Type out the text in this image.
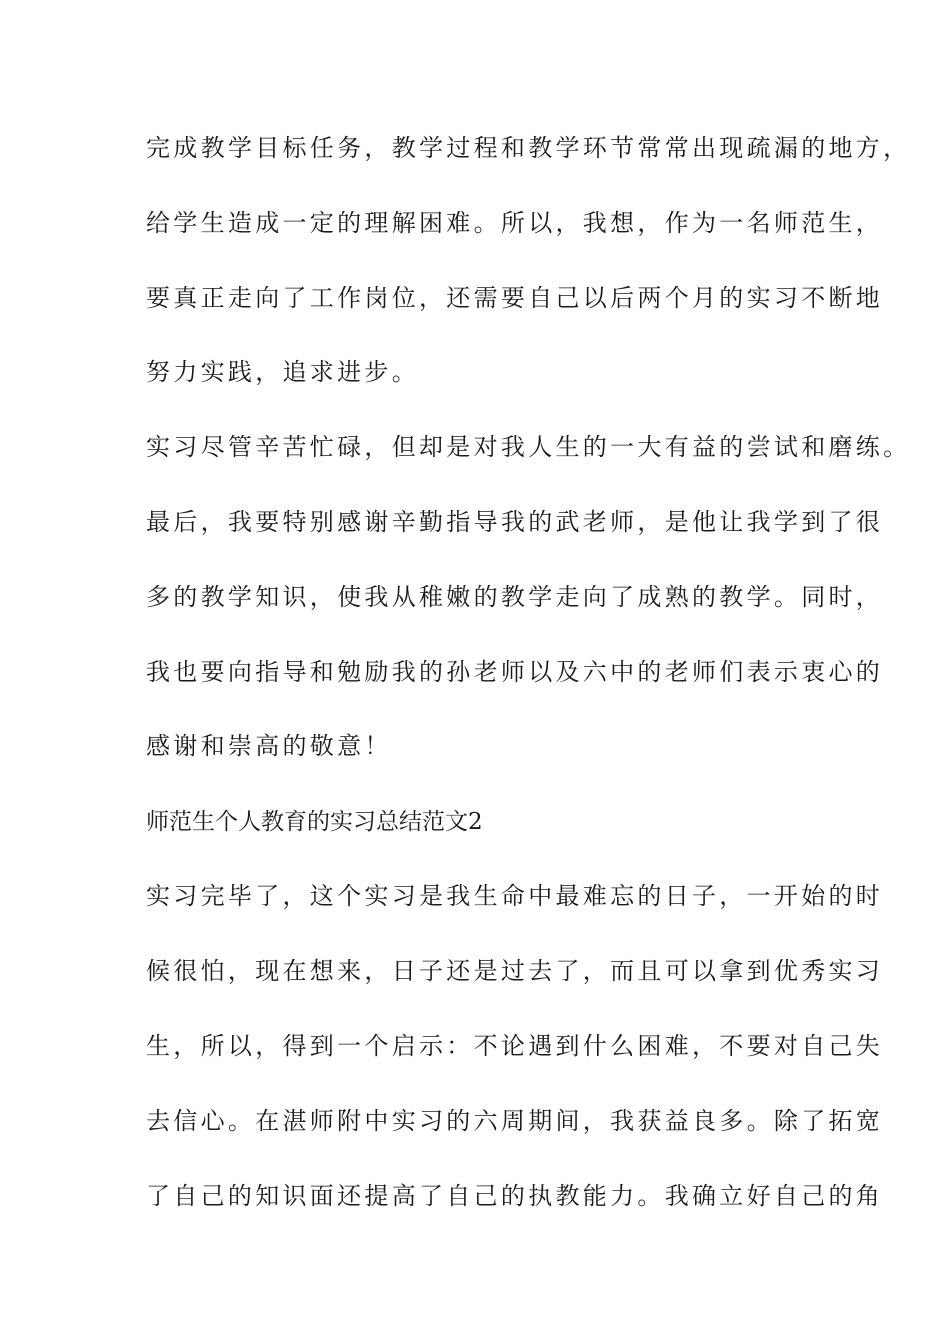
完成教学目标任务，教学过程和教学环节常常出现疏漏的地方，
给学生造成一定的理解困难。所以，我想，作为一名师范生，
要真正走向了工作岗位，还需要自己以后两个月的实习不断地
努力实践，追求进步。
实习尽管辛苦忙碌，但却是对我人生的一大有益的尝试和磨练。
最后，我要特别感谢辛勤指导我的武老师，是他让我学到了很
多的教学知识，使我从稚嫩的教学走向了成熟的教学。同时，
我也要向指导和勉励我的孙老师以及六中的老师们表示衷心的
感谢和崇高的敬意！
师范生个人教育的实习总结范文2
实习完毕了，这个实习是我生命中最难忘的日子，一开始的时
候很怕，现在想来，日子还是过去了，而且可以拿到优秀实习
生，所以，得到一个启示：不论遇到什么困难，不要对自己失
去信心。在湛师附中实习的六周期间，我获益良多。除了拓宽
了自己的知识面还提高了自己的执教能力。我确立好自己的角
